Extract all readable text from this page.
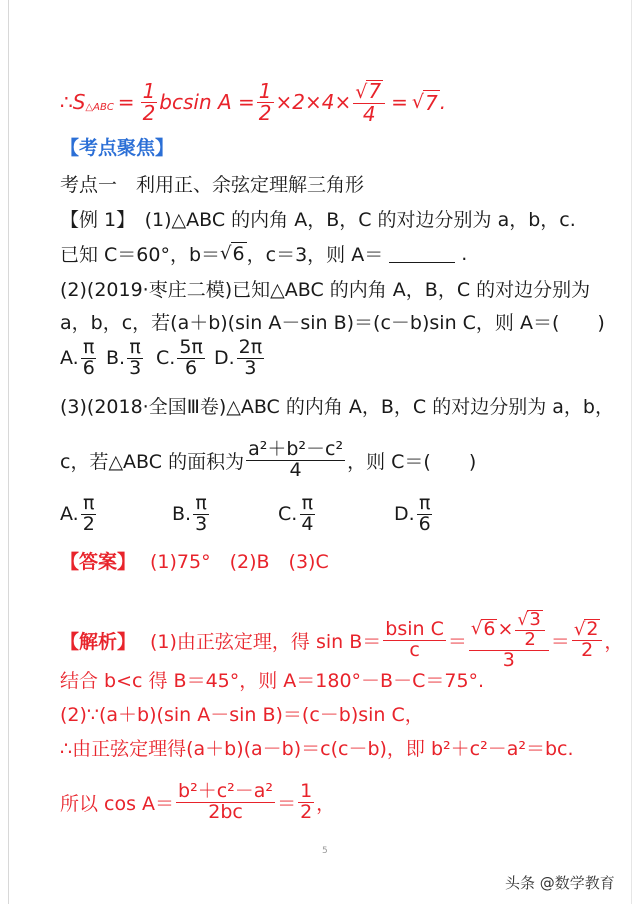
∴S △ABC = $\frac{1}{2}$ bcsin $A = \frac{1}{2} \times 2\times 4\times \frac{√7}{4}$ = √ 7 .
【考点聚焦】
考点一　利用正、余弦定理解三角形
【例 1】　(1)△ABC 的内角 A，B，C 的对边分别为 a，b，c.
已知 C＝60°，b＝ √ 6 ，c＝3，则 A＝	.
(2)(2019·枣庄二模)已知△ABC 的内角 A，B，C 的对边分别为
a，b，c，若(a＋b)(sin A－sin B)＝(c－b)sin C，则 A＝(　　)
A. $\frac{\pi}{6} B$. $\frac{\pi}{3} C$. $\frac{5\pi}{6} D$. $\frac{2\pi}{3}$
(3)(2018·全国Ⅲ卷)△ABC 的内角 A，B，C 的对边分别为 a，b，
c，若△ABC 的面积为 $\frac{\text{a²＋b²－c²}}{4}$ ，则 C＝(　　)
A. $\frac{\pi}{2}$	B. $\frac{\pi}{3}$	C. $\frac{\pi}{4}$	D. $\frac{\pi}{6}$
【答案】 (1)75°　(2)B　(3)C
【解析】 (1)由正弦定理，得 $\sin B= \frac{\text{bsin C}}{c} = \frac{√ 6 \times \frac{√3}{2}}{3} = \frac{√2}{2}$ ，
结合 b<c 得 B＝45°，则 A＝180°－B－C＝75°.
(2)∵(a＋b)(sin A－sin B)＝(c－b)sin C，
∴由正弦定理得(a＋b)(a－b)＝c(c－b)，即 b²＋c²－a²＝bc.
所以 $\cos A= \frac{\text{b²＋c²－a²}}{2bc} = \frac{1}{2}$ ，
5
头条 @数学教育
